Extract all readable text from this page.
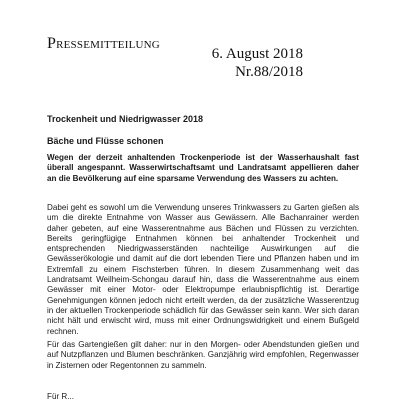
Pressemitteilung
6. August 2018
Nr.88/2018
Trockenheit und Niedrigwasser 2018
Bäche und Flüsse schonen
Wegen der derzeit anhaltenden Trockenperiode ist der Wasserhaushalt fast überall angespannt. Wasserwirtschaftsamt und Landratsamt appellieren daher an die Bevölkerung auf eine sparsame Verwendung des Wassers zu achten.
Dabei geht es sowohl um die Verwendung unseres Trinkwassers zu Garten gießen als um die direkte Entnahme von Wasser aus Gewässern. Alle Bachanrainer werden daher gebeten, auf eine Wasserentnahme aus Bächen und Flüssen zu verzichten. Bereits geringfügige Entnahmen können bei anhaltender Trockenheit und entsprechenden Niedrigwasserständen nachteilige Auswirkungen auf die Gewässerökologie und damit auf die dort lebenden Tiere und Pflanzen haben und im Extremfall zu einem Fischsterben führen. In diesem Zusammenhang weit das Landratsamt Weilheim-Schongau darauf hin, dass die Wasserentnahme aus einem Gewässer mit einer Motor- oder Elektropumpe erlaubnispflichtig ist. Derartige Genehmigungen können jedoch nicht erteilt werden, da der zusätzliche Wasserentzug in der aktuellen Trockenperiode schädlich für das Gewässer sein kann. Wer sich daran nicht hält und erwischt wird, muss mit einer Ordnungswidrigkeit und einem Bußgeld rechnen.
Für das Gartengießen gilt daher: nur in den Morgen- oder Abendstunden gießen und auf Nutzpflanzen und Blumen beschränken. Ganzjährig wird empfohlen, Regenwasser in Zisternen oder Regentonnen zu sammeln.
Für R...
